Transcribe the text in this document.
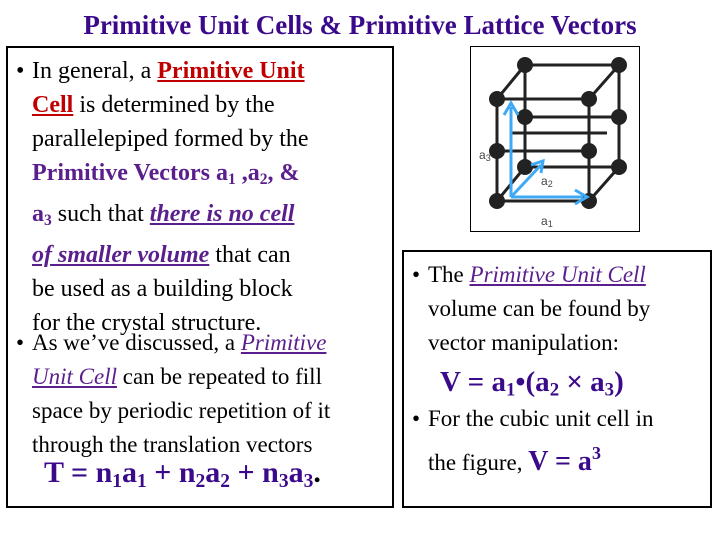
Primitive Unit Cells & Primitive Lattice Vectors
• In general, a Primitive Unit
Cell is determined by the
parallelepiped formed by the
Primitive Vectors $a_1$ $,a_2$, &
$a_3$ such that there is no cell
of smaller volume that can
be used as a building block
for the crystal structure.
• As we’ve discussed, a Primitive
Unit Cell can be repeated to fill
space by periodic repetition of it
through the translation vectors
$T = n_1a_1 + n_2a_2 + n_3a_3$.
a3
a2
a1
• The Primitive Unit Cell
volume can be found by
vector manipulation:
$V = a_1•(a_2 \times a_3)$
• For the cubic unit cell in
the figure, $V = a^3$
